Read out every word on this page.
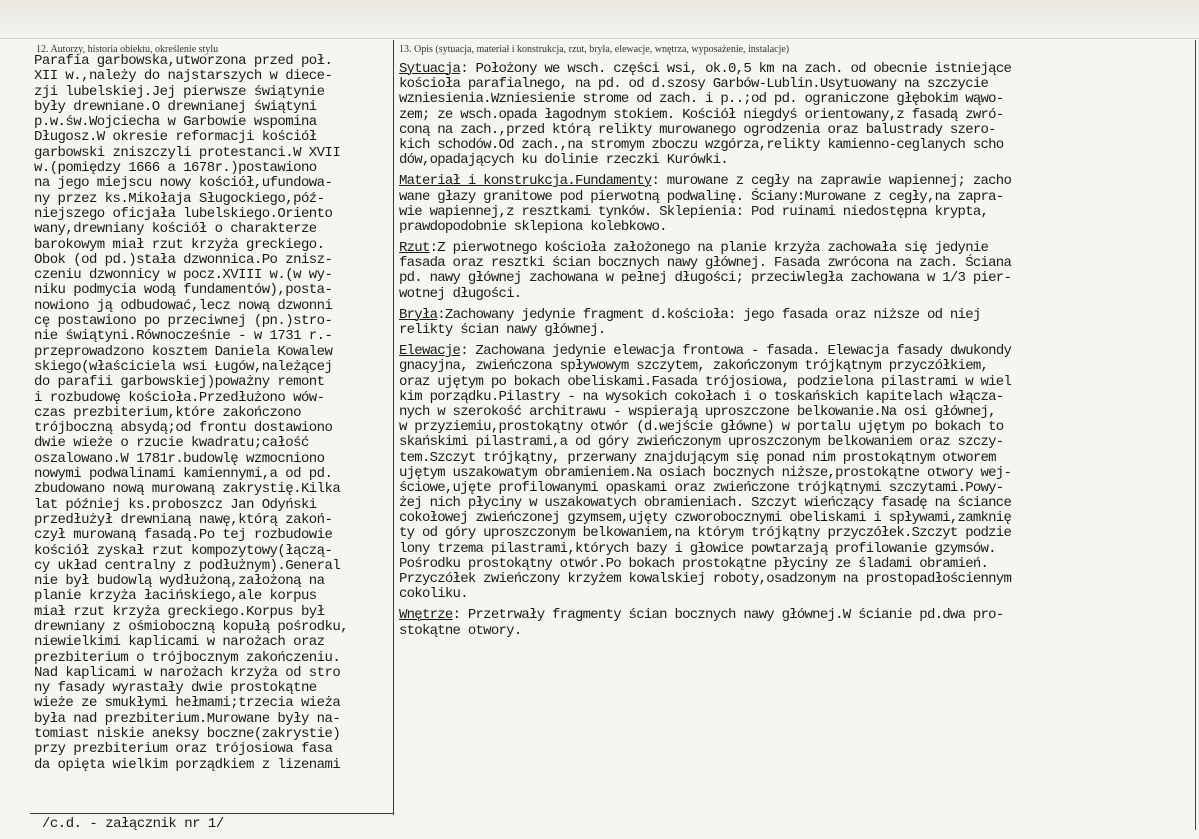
12. Autorzy, historia obiektu, określenie stylu	13. Opis (sytuacja, materiał i konstrukcja, rzut, bryła, elewacje, wnętrza, wyposażenie, instalacje)
Parafia garbowska,utworzona przed poł.
XII w.,należy do najstarszych w diece-
zji lubelskiej.Jej pierwsze świątynie
były drewniane.O drewnianej świątyni
p.w.św.Wojciecha w Garbowie wspomina
Długosz.W okresie reformacji kościół
garbowski zniszczyli protestanci.W XVII
w.(pomiędzy 1666 a 1678r.)postawiono
na jego miejscu nowy kościół,ufundowa-
ny przez ks.Mikołaja Sługockiego,póź-
niejszego oficjała lubelskiego.Oriento
wany,drewniany kościół o charakterze
barokowym miał rzut krzyża greckiego.
Obok (od pd.)stała dzwonnica.Po znisz-
czeniu dzwonnicy w pocz.XVIII w.(w wy-
niku podmycia wodą fundamentów),posta-
nowiono ją odbudować,lecz nową dzwonni
cę postawiono po przeciwnej (pn.)stro-
nie świątyni.Równocześnie - w 1731 r.-
przeprowadzono kosztem Daniela Kowalew
skiego(właściciela wsi Ługów,należącej
do parafii garbowskiej)poważny remont
i rozbudowę kościoła.Przedłużono wów-
czas prezbiterium,które zakończono
trójboczną absydą;od frontu dostawiono
dwie wieże o rzucie kwadratu;całość
oszalowano.W 1781r.budowlę wzmocniono
nowymi podwalinami kamiennymi,a od pd.
zbudowano nową murowaną zakrystię.Kilka
lat później ks.proboszcz Jan Odyński
przedłużył drewnianą nawę,którą zakoń-
czył murowaną fasadą.Po tej rozbudowie
kościół zyskał rzut kompozytowy(łączą-
cy układ centralny z podłużnym).General
nie był budowlą wydłużoną,założoną na
planie krzyża łacińskiego,ale korpus
miał rzut krzyża greckiego.Korpus był
drewniany z ośmioboczną kopułą pośrodku,
niewielkimi kaplicami w narożach oraz
prezbiterium o trójbocznym zakończeniu.
Nad kaplicami w narożach krzyża od stro
ny fasady wyrastały dwie prostokątne
wieże ze smukłymi hełmami;trzecia wieża
była nad prezbiterium.Murowane były na-
tomiast niskie aneksy boczne(zakrystie)
przy prezbiterium oraz trójosiowa fasa
da opięta wielkim porządkiem z lizenami
Sytuacja: Położony we wsch. części wsi, ok.0,5 km na zach. od obecnie istniejące
kościoła parafialnego, na pd. od d.szosy Garbów-Lublin.Usytuowany na szczycie
wzniesienia.Wzniesienie strome od zach. i p..;od pd. ograniczone głębokim wąwo-
zem; ze wsch.opada łagodnym stokiem. Kościół niegdyś orientowany,z fasadą zwró-
coną na zach.,przed którą relikty murowanego ogrodzenia oraz balustrady szero-
kich schodów.Od zach.,na stromym zboczu wzgórza,relikty kamienno-ceglanych scho
dów,opadających ku dolinie rzeczki Kurówki.
Materiał i konstrukcja.Fundamenty: murowane z cegły na zaprawie wapiennej; zacho
wane głazy granitowe pod pierwotną podwalinę. Ściany:Murowane z cegły,na zapra-
wie wapiennej,z resztkami tynków. Sklepienia: Pod ruinami niedostępna krypta,
prawdopodobnie sklepiona kolebkowo.
Rzut:Z pierwotnego kościoła założonego na planie krzyża zachowała się jedynie
fasada oraz resztki ścian bocznych nawy głównej. Fasada zwrócona na zach. Ściana
pd. nawy głównej zachowana w pełnej długości; przeciwległa zachowana w 1/3 pier-
wotnej długości.
Bryła:Zachowany jedynie fragment d.kościoła: jego fasada oraz niższe od niej
relikty ścian nawy głównej.
Elewacje: Zachowana jedynie elewacja frontowa - fasada. Elewacja fasady dwukondy
gnacyjna, zwieńczona spływowym szczytem, zakończonym trójkątnym przyczółkiem,
oraz ujętym po bokach obeliskami.Fasada trójosiowa, podzielona pilastrami w wiel
kim porządku.Pilastry - na wysokich cokołach i o toskańskich kapitelach włącza-
nych w szerokość architrawu - wspierają uproszczone belkowanie.Na osi głównej,
w przyziemiu,prostokątny otwór (d.wejście główne) w portalu ujętym po bokach to
skańskimi pilastrami,a od góry zwieńczonym uproszczonym belkowaniem oraz szczy-
tem.Szczyt trójkątny, przerwany znajdującym się ponad nim prostokątnym otworem
ujętym uszakowatym obramieniem.Na osiach bocznych niższe,prostokątne otwory wej-
ściowe,ujęte profilowanymi opaskami oraz zwieńczone trójkątnymi szczytami.Powy-
żej nich płyciny w uszakowatych obramieniach. Szczyt wieńczący fasadę na ściance
cokołowej zwieńczonej gzymsem,ujęty czworobocznymi obeliskami i spływami,zamknię
ty od góry uproszczonym belkowaniem,na którym trójkątny przyczółek.Szczyt podzie
lony trzema pilastrami,których bazy i głowice powtarzają profilowanie gzymsów.
Pośrodku prostokątny otwór.Po bokach prostokątne płyciny ze śladami obramień.
Przyczółek zwieńczony krzyżem kowalskiej roboty,osadzonym na prostopadłościennym
cokoliku.
Wnętrze: Przetrwały fragmenty ścian bocznych nawy głównej.W ścianie pd.dwa pro-
stokątne otwory.
/c.d. - załącznik nr 1/
